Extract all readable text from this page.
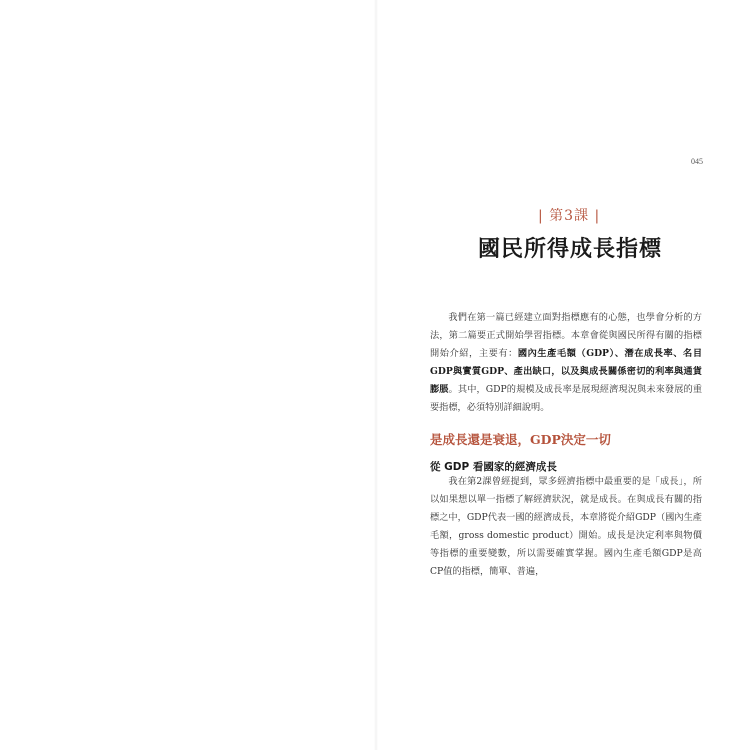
045
| 第3課 |
國民所得成長指標

我們在第一篇已經建立面對指標應有的心態，也學會分析的方法，第二篇要正式開始學習指標。本章會從與國民所得有關的指標開始介紹，主要有：國內生產毛額（GDP）、潛在成長率、名目GDP與實質GDP、產出缺口，以及與成長關係密切的利率與通貨膨脹。其中，GDP的規模及成長率是展現經濟現況與未來發展的重要指標，必須特別詳細說明。

是成長還是衰退，GDP決定一切
從 GDP 看國家的經濟成長

我在第2課曾經提到，眾多經濟指標中最重要的是「成長」，所以如果想以單一指標了解經濟狀況，就是成長。在與成長有關的指標之中，GDP代表一國的經濟成長，本章將從介紹GDP（國內生產毛額，gross domestic product）開始。成長是決定利率與物價等指標的重要變數，所以需要確實掌握。國內生產毛額GDP是高CP值的指標，簡單、普遍，
